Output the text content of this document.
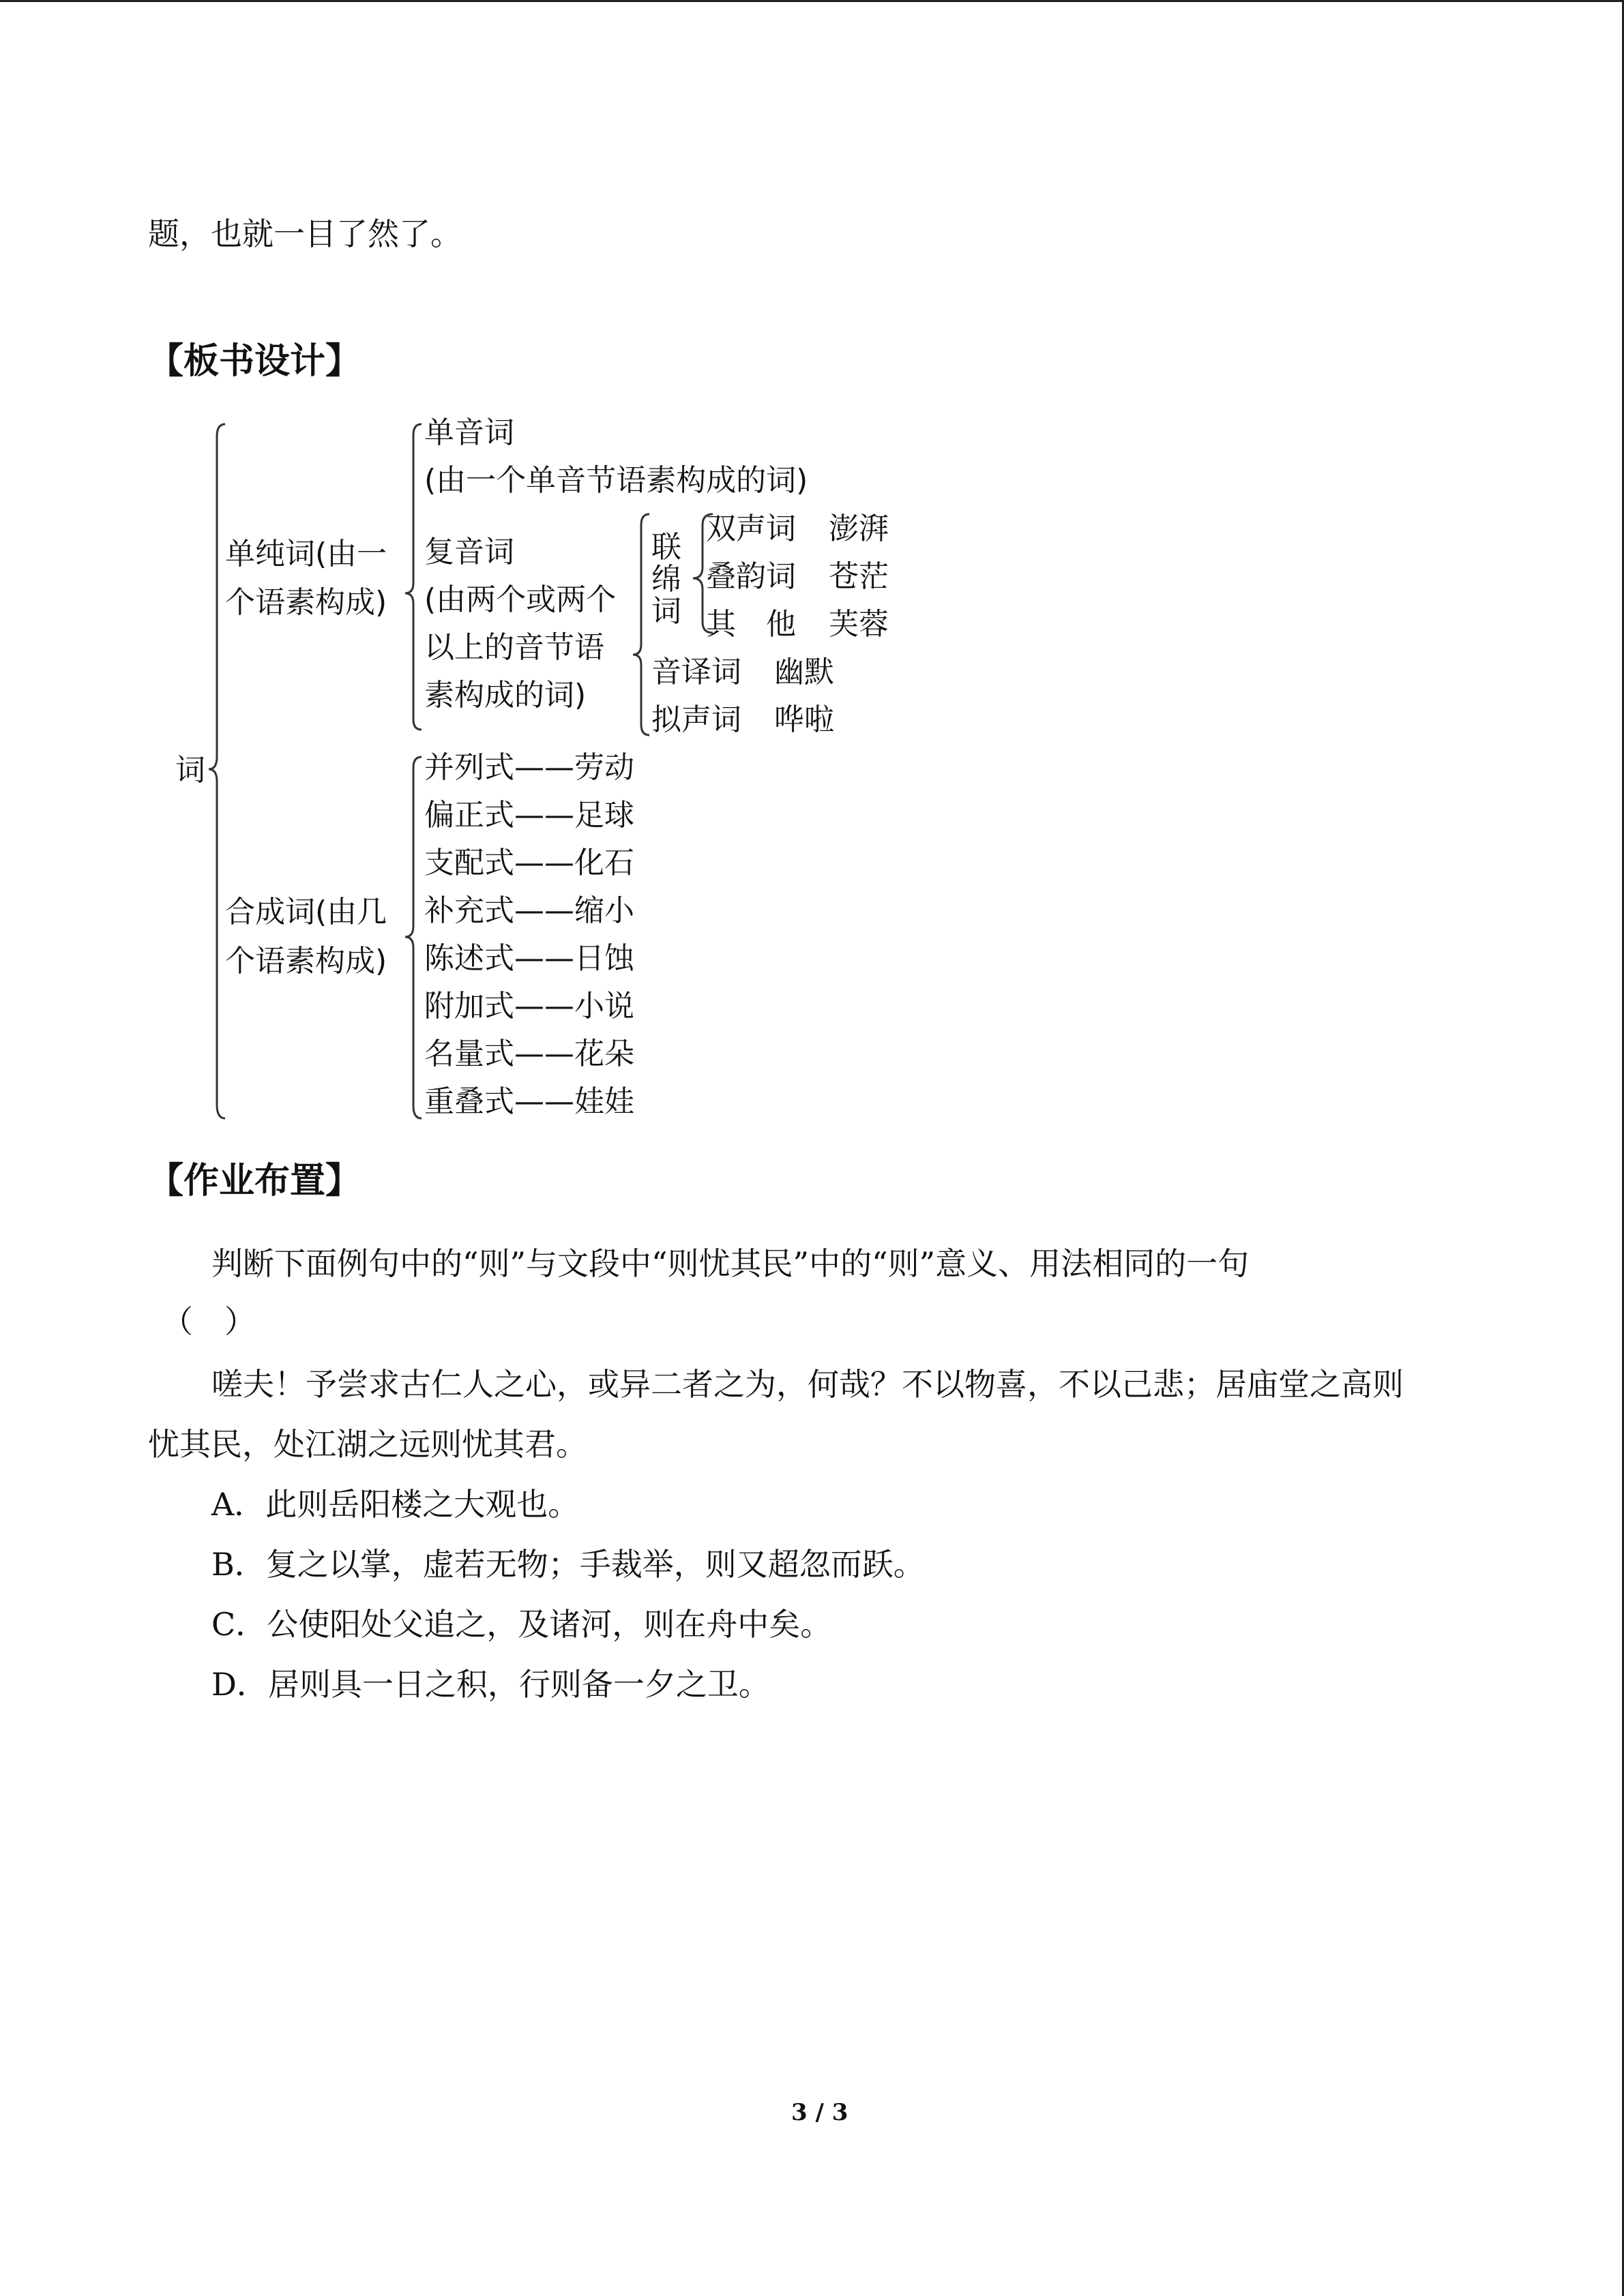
题，也就一目了然了。
【板书设计】
词
单纯词(由一
个语素构成)
单音词
(由一个单音节语素构成的词)
复音词
(由两个或两个
以上的音节语
素构成的词)
联
绵
词
双声词 澎湃
叠韵词 苍茫
其　他 芙蓉
音译词 幽默
拟声词 哗啦
合成词(由几
个语素构成)
并列式——劳动
偏正式——足球
支配式——化石
补充式——缩小
陈述式——日蚀
附加式——小说
名量式——花朵
重叠式——娃娃
【作业布置】
判断下面例句中的“则”与文段中“则忧其民”中的“则”意义、用法相同的一句
（　）
嗟夫！予尝求古仁人之心，或异二者之为，何哉？不以物喜，不以己悲；居庙堂之高则
忧其民，处江湖之远则忧其君。
A．此则岳阳楼之大观也。
B．复之以掌，虚若无物；手裁举，则又超忽而跃。
C．公使阳处父追之，及诸河，则在舟中矣。
D．居则具一日之积，行则备一夕之卫。
3 / 3
